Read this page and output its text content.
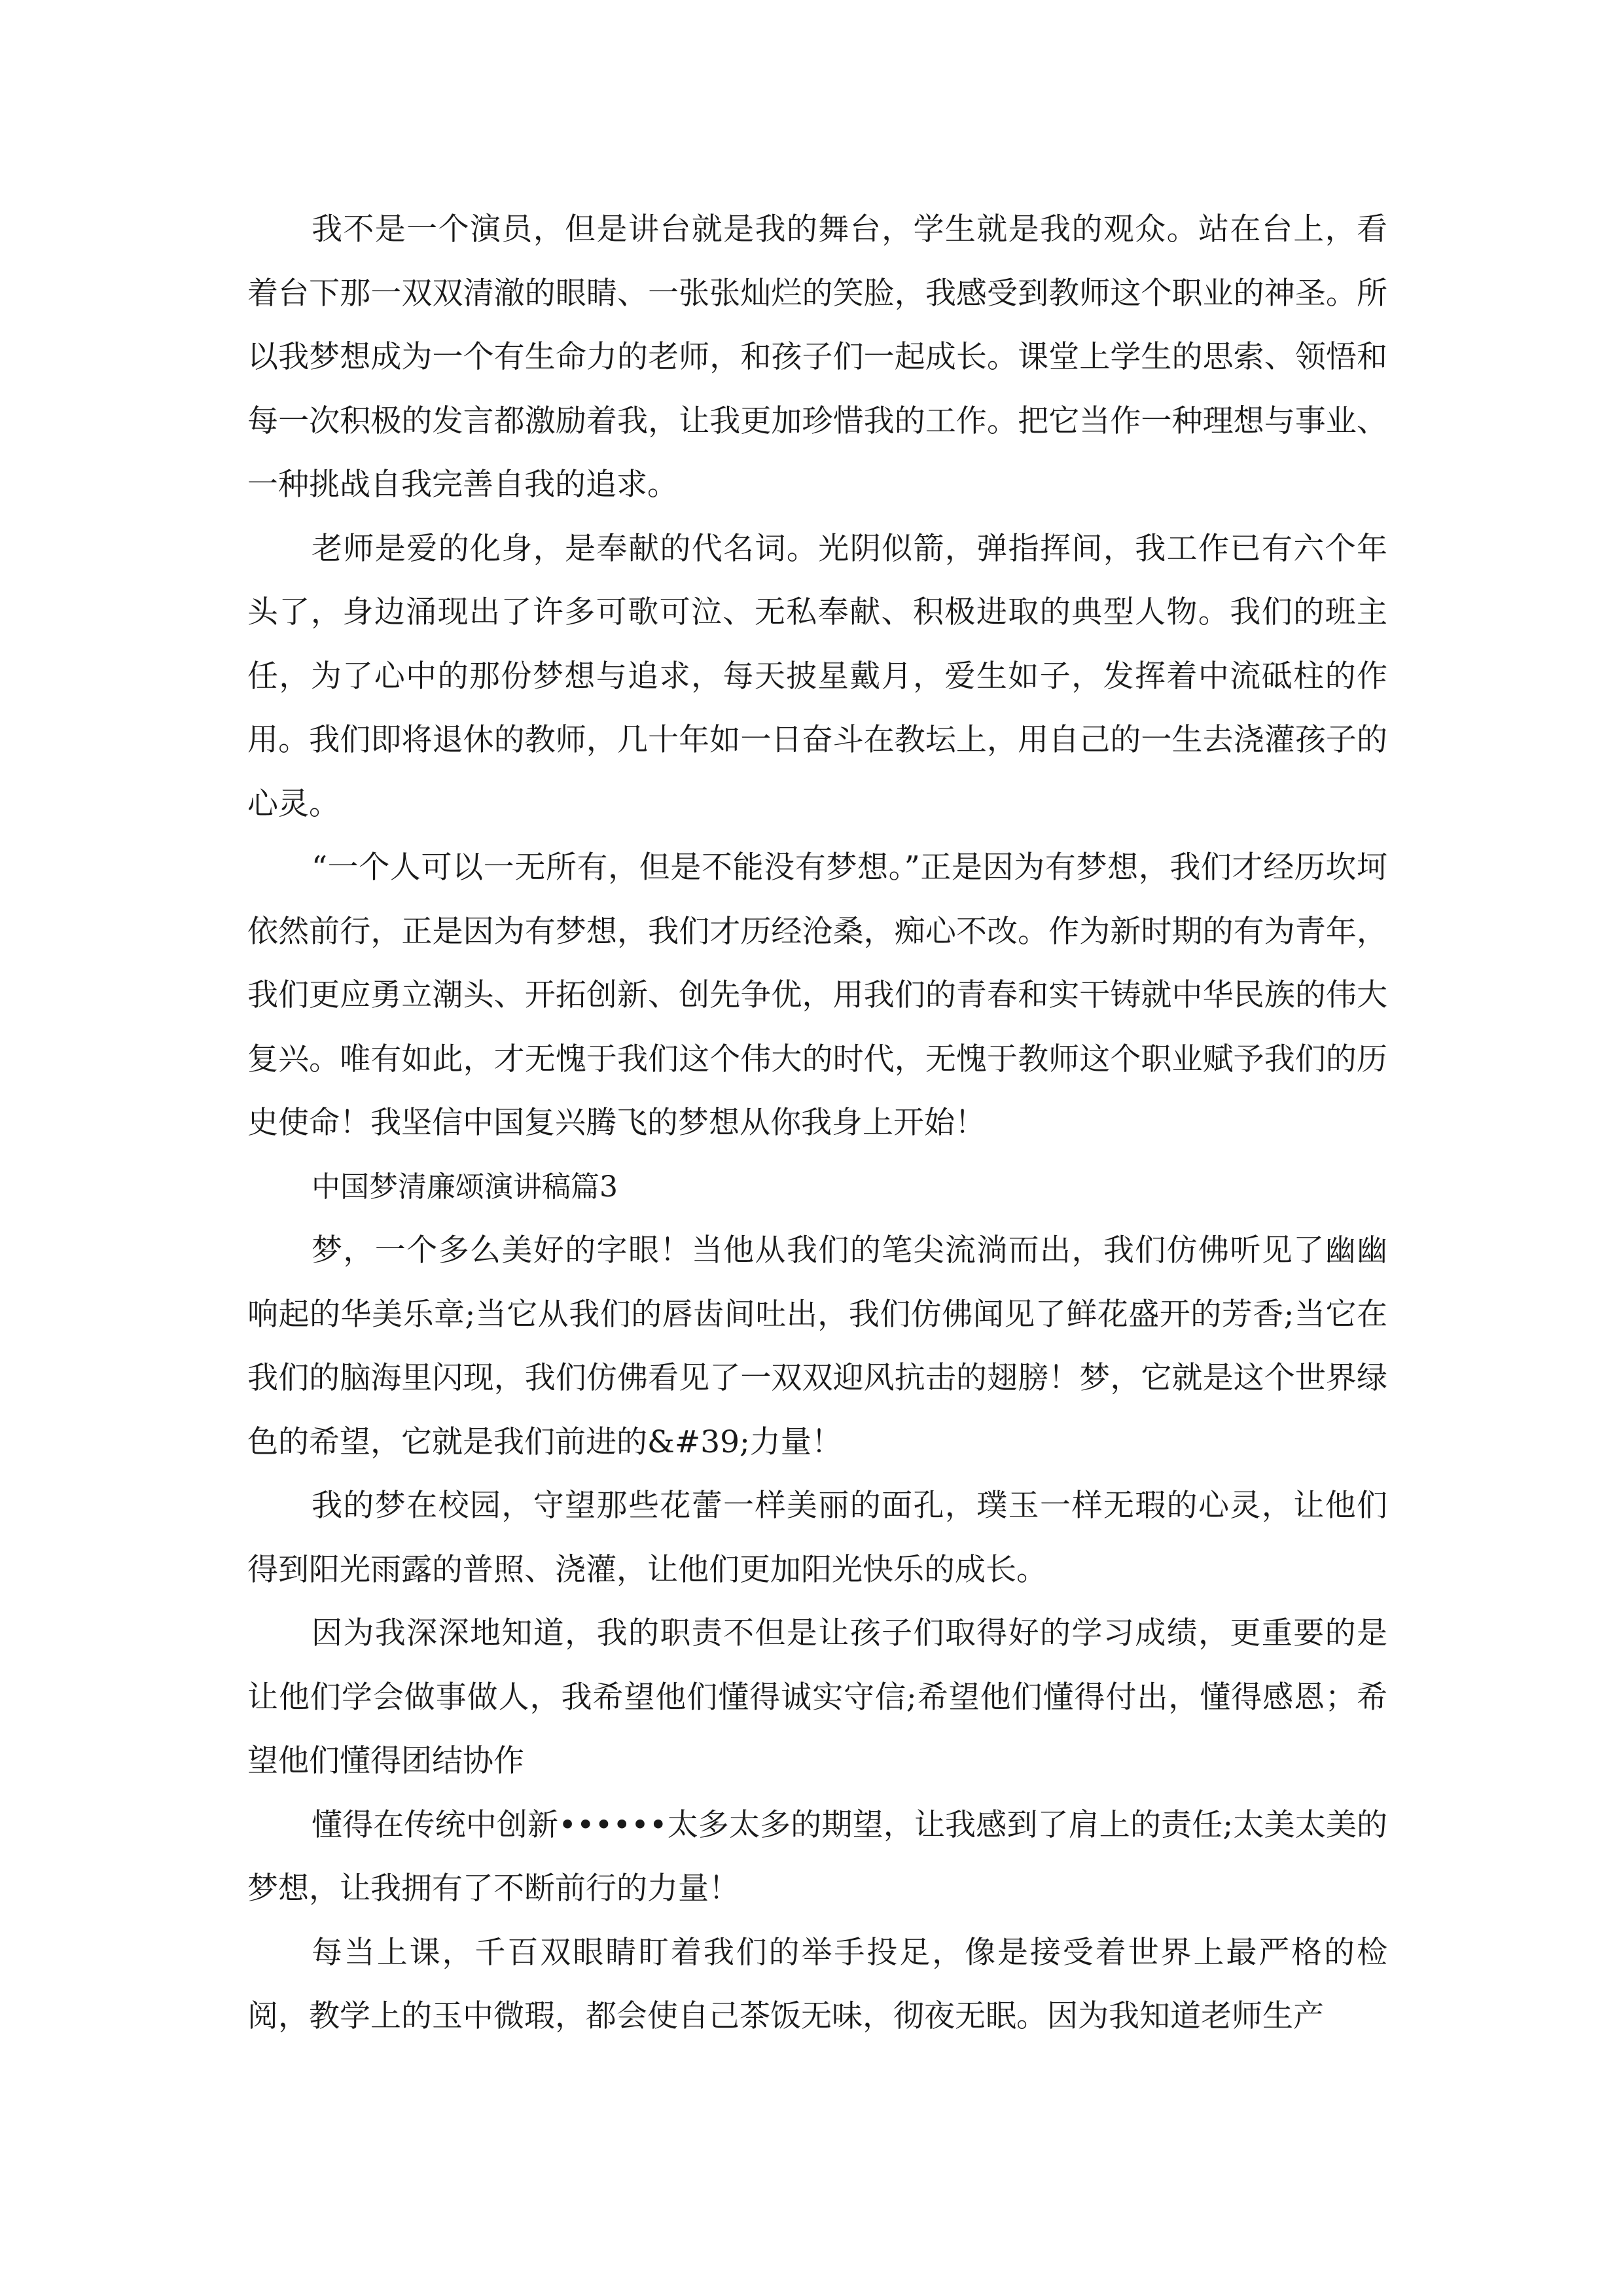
我不是一个演员，但是讲台就是我的舞台，学生就是我的观众。站在台上，看着台下那一双双清澈的眼睛、一张张灿烂的笑脸，我感受到教师这个职业的神圣。所以我梦想成为一个有生命力的老师，和孩子们一起成长。课堂上学生的思索、领悟和每一次积极的发言都激励着我，让我更加珍惜我的工作。把它当作一种理想与事业、一种挑战自我完善自我的追求。

老师是爱的化身，是奉献的代名词。光阴似箭，弹指挥间，我工作已有六个年头了，身边涌现出了许多可歌可泣、无私奉献、积极进取的典型人物。我们的班主任，为了心中的那份梦想与追求，每天披星戴月，爱生如子，发挥着中流砥柱的作用。我们即将退休的教师，几十年如一日奋斗在教坛上，用自己的一生去浇灌孩子的心灵。

“一个人可以一无所有，但是不能没有梦想。”正是因为有梦想，我们才经历坎坷依然前行，正是因为有梦想，我们才历经沧桑，痴心不改。作为新时期的有为青年，我们更应勇立潮头、开拓创新、创先争优，用我们的青春和实干铸就中华民族的伟大复兴。唯有如此，才无愧于我们这个伟大的时代，无愧于教师这个职业赋予我们的历史使命！我坚信中国复兴腾飞的梦想从你我身上开始！

中国梦清廉颂演讲稿篇3

梦，一个多么美好的字眼！当他从我们的笔尖流淌而出，我们仿佛听见了幽幽响起的华美乐章;当它从我们的唇齿间吐出，我们仿佛闻见了鲜花盛开的芳香;当它在我们的脑海里闪现，我们仿佛看见了一双双迎风抗击的翅膀！梦，它就是这个世界绿色的希望，它就是我们前进的&#39;力量！

我的梦在校园，守望那些花蕾一样美丽的面孔，璞玉一样无瑕的心灵，让他们得到阳光雨露的普照、浇灌，让他们更加阳光快乐的成长。

因为我深深地知道，我的职责不但是让孩子们取得好的学习成绩，更重要的是让他们学会做事做人，我希望他们懂得诚实守信;希望他们懂得付出，懂得感恩；希望他们懂得团结协作

懂得在传统中创新••••••太多太多的期望，让我感到了肩上的责任;太美太美的梦想，让我拥有了不断前行的力量！

每当上课，千百双眼睛盯着我们的举手投足，像是接受着世界上最严格的检阅，教学上的玉中微瑕，都会使自己茶饭无味，彻夜无眠。因为我知道老师生产
